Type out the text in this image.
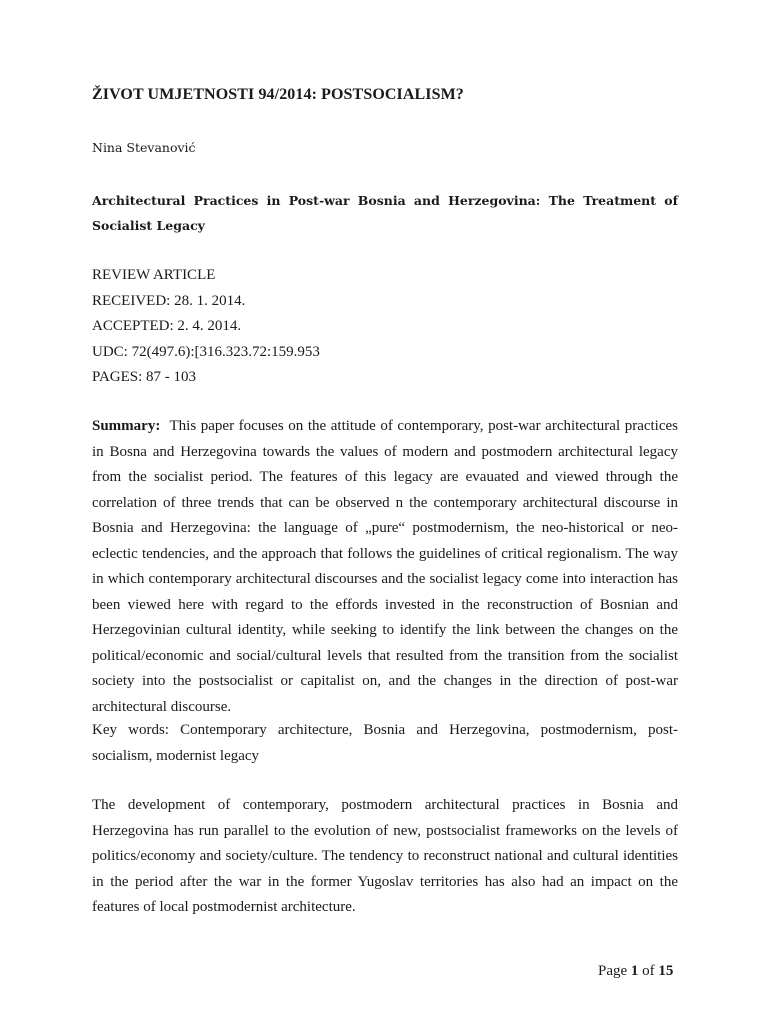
ŽIVOT UMJETNOSTI 94/2014: POSTSOCIALISM?
Nina Stevanović
Architectural Practices in Post-war Bosnia and Herzegovina: The Treatment of Socialist Legacy
REVIEW ARTICLE
RECEIVED: 28. 1. 2014.
ACCEPTED: 2. 4. 2014.
UDC: 72(497.6):[316.323.72:159.953
PAGES: 87 - 103
Summary: This paper focuses on the attitude of contemporary, post-war architectural practices in Bosna and Herzegovina towards the values of modern and postmodern architectural legacy from the socialist period. The features of this legacy are evauated and viewed through the correlation of three trends that can be observed n the contemporary architectural discourse in Bosnia and Herzegovina: the language of „pure“ postmodernism, the neo-historical or neo-eclectic tendencies, and the approach that follows the guidelines of critical regionalism. The way in which contemporary architectural discourses and the socialist legacy come into interaction has been viewed here with regard to the effords invested in the reconstruction of Bosnian and Herzegovinian cultural identity, while seeking to identify the link between the changes on the political/economic and social/cultural levels that resulted from the transition from the socialist society into the postsocialist or capitalist on, and the changes in the direction of post-war architectural discourse.
Key words: Contemporary architecture, Bosnia and Herzegovina, postmodernism, post-socialism, modernist legacy
The development of contemporary, postmodern architectural practices in Bosnia and Herzegovina has run parallel to the evolution of new, postsocialist frameworks on the levels of politics/economy and society/culture. The tendency to reconstruct national and cultural identities in the period after the war in the former Yugoslav territories has also had an impact on the features of local postmodernist architecture.
Page 1 of 15
